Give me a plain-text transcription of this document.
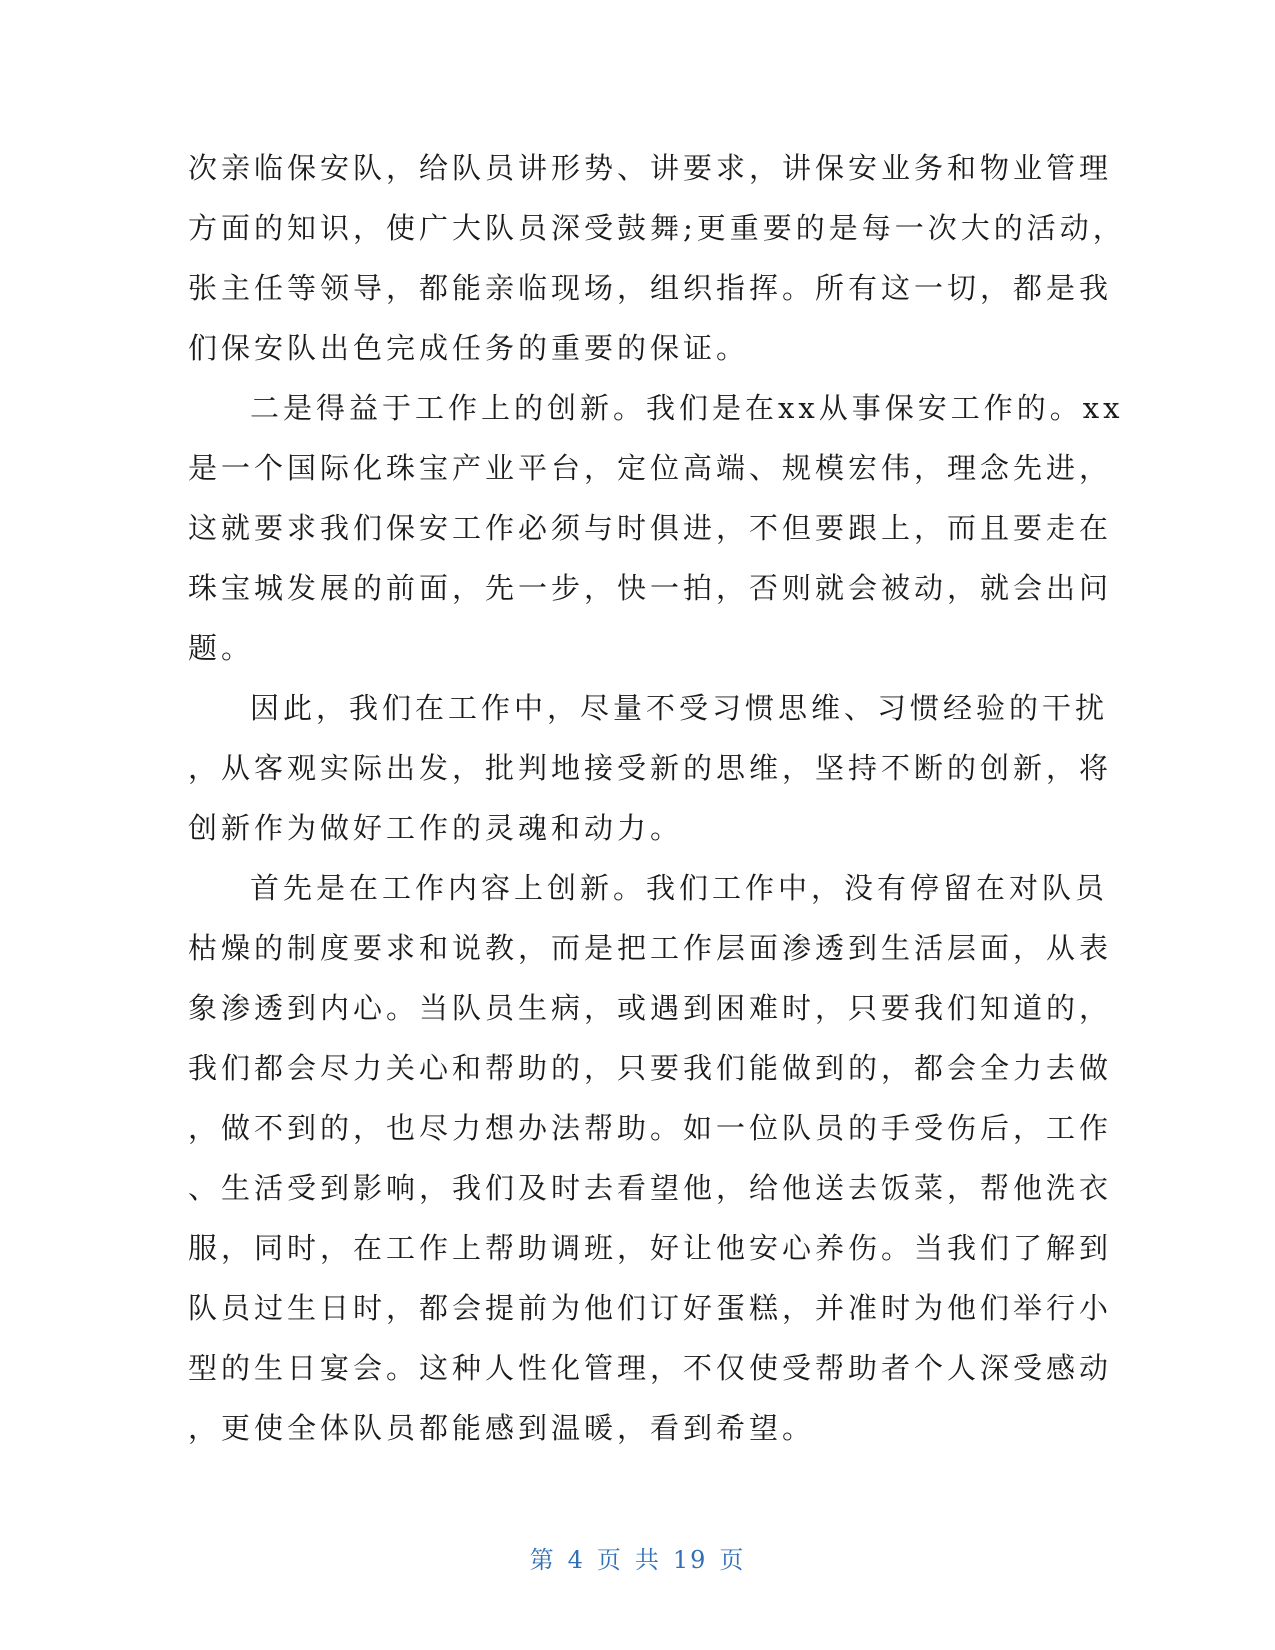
次亲临保安队，给队员讲形势、讲要求，讲保安业务和物业管理
方面的知识，使广大队员深受鼓舞;更重要的是每一次大的活动，
张主任等领导，都能亲临现场，组织指挥。所有这一切，都是我
们保安队出色完成任务的重要的保证。
二是得益于工作上的创新。我们是在xx从事保安工作的。xx
是一个国际化珠宝产业平台，定位高端、规模宏伟，理念先进，
这就要求我们保安工作必须与时俱进，不但要跟上，而且要走在
珠宝城发展的前面，先一步，快一拍，否则就会被动，就会出问
题。
因此，我们在工作中，尽量不受习惯思维、习惯经验的干扰
，从客观实际出发，批判地接受新的思维，坚持不断的创新，将
创新作为做好工作的灵魂和动力。
首先是在工作内容上创新。我们工作中，没有停留在对队员
枯燥的制度要求和说教，而是把工作层面渗透到生活层面，从表
象渗透到内心。当队员生病，或遇到困难时，只要我们知道的，
我们都会尽力关心和帮助的，只要我们能做到的，都会全力去做
，做不到的，也尽力想办法帮助。如一位队员的手受伤后，工作
、生活受到影响，我们及时去看望他，给他送去饭菜，帮他洗衣
服，同时，在工作上帮助调班，好让他安心养伤。当我们了解到
队员过生日时，都会提前为他们订好蛋糕，并准时为他们举行小
型的生日宴会。这种人性化管理，不仅使受帮助者个人深受感动
，更使全体队员都能感到温暖，看到希望。
第 4 页 共 19 页
